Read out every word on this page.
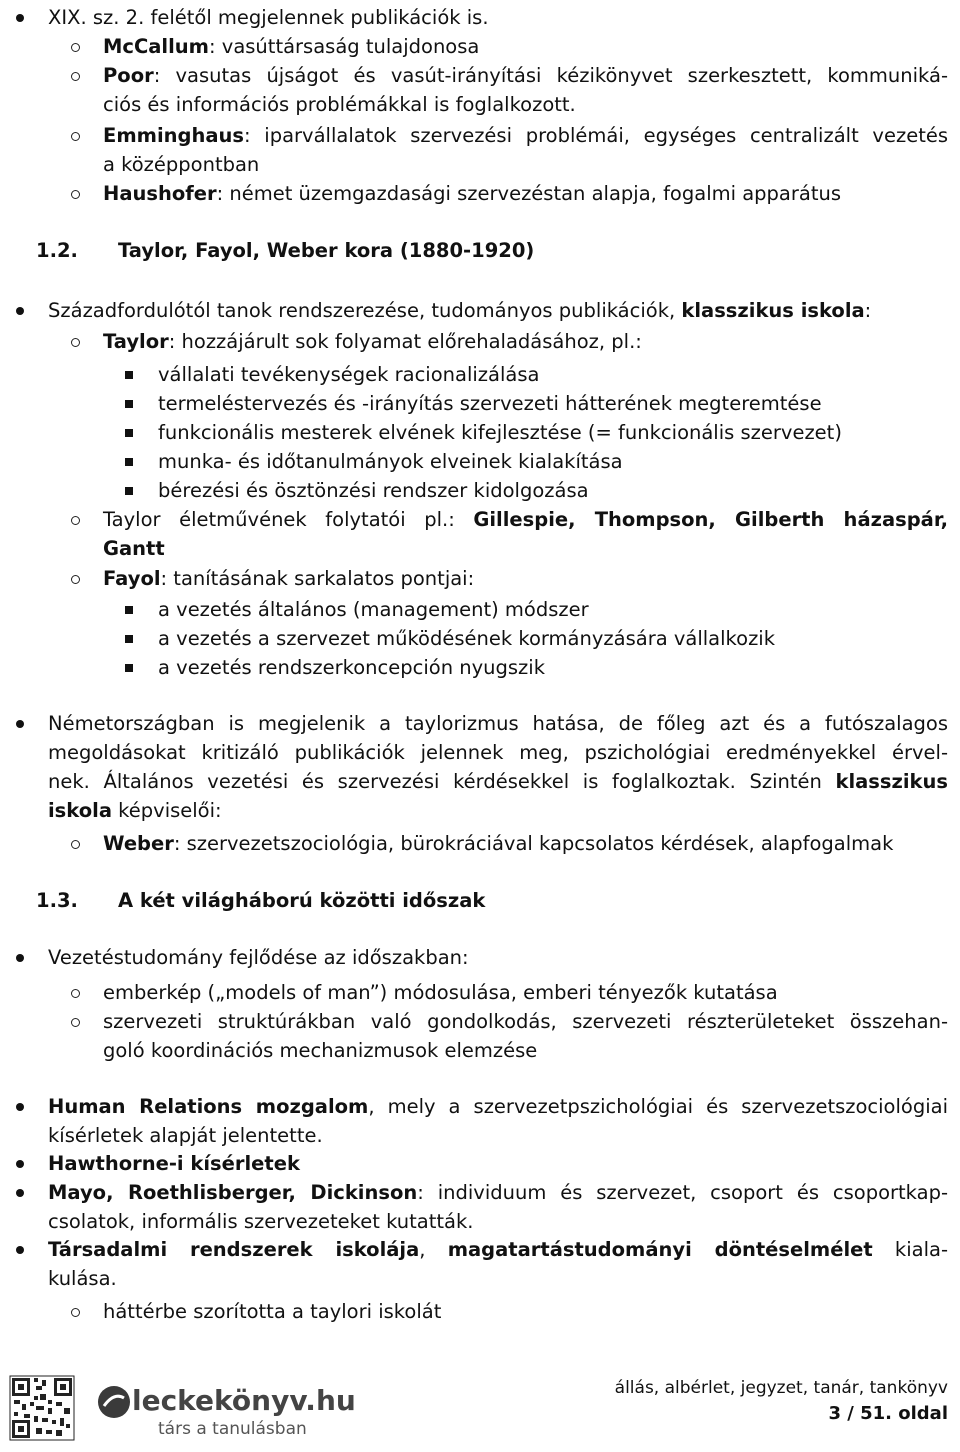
XIX. sz. 2. felétől megjelennek publikációk is.
McCallum: vasúttársaság tulajdonosa
Poor: vasutas újságot és vasút-irányítási kézikönyvet szerkesztett, kommuniká-
ciós és információs problémákkal is foglalkozott.
Emminghaus: iparvállalatok szervezési problémái, egységes centralizált vezetés
a középpontban
Haushofer: német üzemgazdasági szervezéstan alapja, fogalmi apparátus
1.2. Taylor, Fayol, Weber kora (1880-1920)
Századfordulótól tanok rendszerezése, tudományos publikációk, klasszikus iskola:
Taylor: hozzájárult sok folyamat előrehaladásához, pl.:
vállalati tevékenységek racionalizálása
termeléstervezés és -irányítás szervezeti hátterének megteremtése
funkcionális mesterek elvének kifejlesztése (= funkcionális szervezet)
munka- és időtanulmányok elveinek kialakítása
bérezési és ösztönzési rendszer kidolgozása
Taylor életművének folytatói pl.: Gillespie, Thompson, Gilberth házaspár,
Gantt
Fayol: tanításának sarkalatos pontjai:
a vezetés általános (management) módszer
a vezetés a szervezet működésének kormányzására vállalkozik
a vezetés rendszerkoncepción nyugszik
Németországban is megjelenik a taylorizmus hatása, de főleg azt és a futószalagos
megoldásokat kritizáló publikációk jelennek meg, pszichológiai eredményekkel érvel-
nek. Általános vezetési és szervezési kérdésekkel is foglalkoztak. Szintén klasszikus
iskola képviselői:
Weber: szervezetszociológia, bürokráciával kapcsolatos kérdések, alapfogalmak
1.3. A két világháború közötti időszak
Vezetéstudomány fejlődése az időszakban:
emberkép („models of man”) módosulása, emberi tényezők kutatása
szervezeti struktúrákban való gondolkodás, szervezeti részterületeket összehan-
goló koordinációs mechanizmusok elemzése
Human Relations mozgalom, mely a szervezetpszichológiai és szervezetszociológiai
kísérletek alapját jelentette.
Hawthorne-i kísérletek
Mayo, Roethlisberger, Dickinson: individuum és szervezet, csoport és csoportkap-
csolatok, informális szervezeteket kutatták.
Társadalmi rendszerek iskolája, magatartástudományi döntéselmélet kiala-
kulása.
háttérbe szorította a taylori iskolát
leckekönyv.hu
társ a tanulásban
állás, albérlet, jegyzet, tanár, tankönyv
3 / 51. oldal
